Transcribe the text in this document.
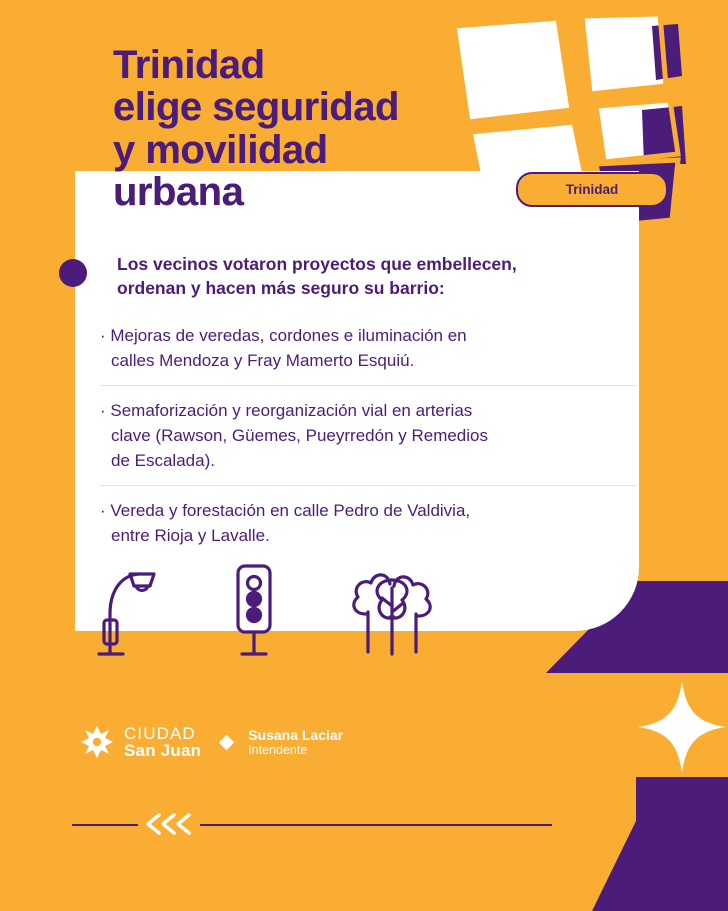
Trinidad
elige seguridad
y movilidad
urbana	Trinidad
Los vecinos votaron proyectos que embellecen,
ordenan y hacen más seguro su barrio:
· Mejoras de veredas, cordones e iluminación en
calles Mendoza y Fray Mamerto Esquiú.
· Semaforización y reorganización vial en arterias
clave (Rawson, Güemes, Pueyrredón y Remedios
de Escalada).
· Vereda y forestación en calle Pedro de Valdivia,
entre Rioja y Lavalle.
CIUDAD
San Juan
Susana Laciar
Intendente
